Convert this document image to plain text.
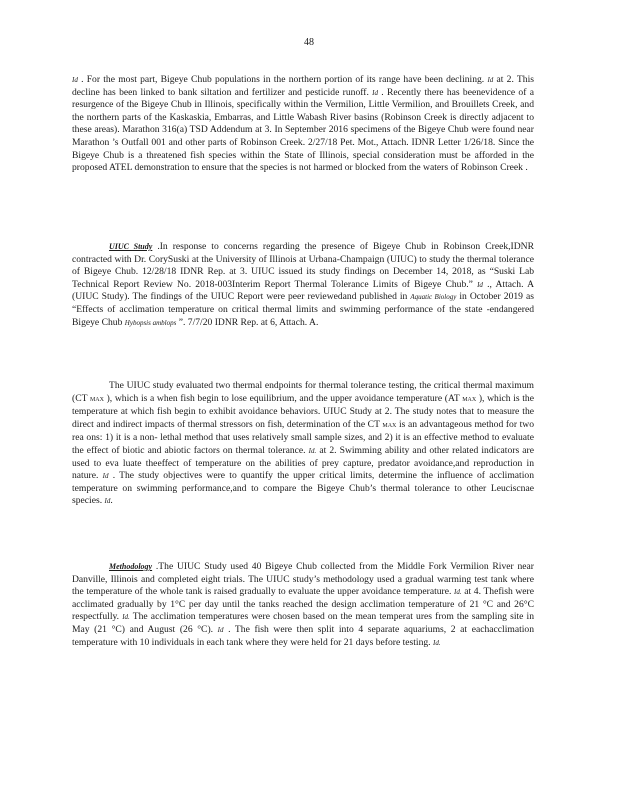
48

Id . For the most part, Bigeye Chub populations in the northern portion of its range have been declining. Id at 2. This decline has been linked to bank siltation and fertilizer and pesticide runoff. Id . Recently there has beenevidence of a resurgence of the Bigeye Chub in Illinois, specifically within the Vermilion, Little Vermilion, and Brouillets Creek, and the northern parts of the Kaskaskia, Embarras, and Little Wabash River basins (Robinson Creek is directly adjacent to these areas). Marathon 316(a) TSD Addendum at 3. In September 2016 specimens of the Bigeye Chub were found near Marathon ’s Outfall 001 and other parts of Robinson Creek. 2/27/18 Pet. Mot., Attach. IDNR Letter 1/26/18. Since the Bigeye Chub is a threatened fish species within the State of Illinois, special consideration must be afforded in the proposed ATEL demonstration to ensure that the species is not harmed or blocked from the waters of Robinson Creek .

UIUC Study .In response to concerns regarding the presence of Bigeye Chub in Robinson Creek,IDNR contracted with Dr. CorySuski at the University of Illinois at Urbana-Champaign (UIUC) to study the thermal tolerance of Bigeye Chub. 12/28/18 IDNR Rep. at 3. UIUC issued its study findings on December 14, 2018, as “Suski Lab Technical Report Review No. 2018-003Interim Report Thermal Tolerance Limits of Bigeye Chub.” Id ., Attach. A (UIUC Study). The findings of the UIUC Report were peer reviewedand published in Aquatic Biology in October 2019 as “Effects of acclimation temperature on critical thermal limits and swimming performance of the state -endangered Bigeye Chub Hybopsis amblops ”. 7/7/20 IDNR Rep. at 6, Attach. A.

The UIUC study evaluated two thermal endpoints for thermal tolerance testing, the critical thermal maximum (CT MAX ), which is a when fish begin to lose equilibrium, and the upper avoidance temperature (AT MAX ), which is the temperature at which fish begin to exhibit avoidance behaviors. UIUC Study at 2. The study notes that to measure the direct and indirect impacts of thermal stressors on fish, determination of the CT MAX is an advantageous method for two rea ons: 1) it is a non- lethal method that uses relatively small sample sizes, and 2) it is an effective method to evaluate the effect of biotic and abiotic factors on thermal tolerance. Id. at 2. Swimming ability and other related indicators are used to eva luate theeffect of temperature on the abilities of prey capture, predator avoidance,and reproduction in nature. Id . The study objectives were to quantify the upper critical limits, determine the influence of acclimation temperature on swimming performance,and to compare the Bigeye Chub’s thermal tolerance to other Leuciscnae species. Id.

Methodology .The UIUC Study used 40 Bigeye Chub collected from the Middle Fork Vermilion River near Danville, Illinois and completed eight trials. The UIUC study’s methodology used a gradual warming test tank where the temperature of the whole tank is raised gradually to evaluate the upper avoidance temperature. Id. at 4. Thefish were acclimated gradually by 1°C per day until the tanks reached the design acclimation temperature of 21 °C and 26°C respectfully. Id. The acclimation temperatures were chosen based on the mean temperat ures from the sampling site in May (21 °C) and August (26 °C). Id . The fish were then split into 4 separate aquariums, 2 at eachacclimation temperature with 10 individuals in each tank where they were held for 21 days before testing. Id.
